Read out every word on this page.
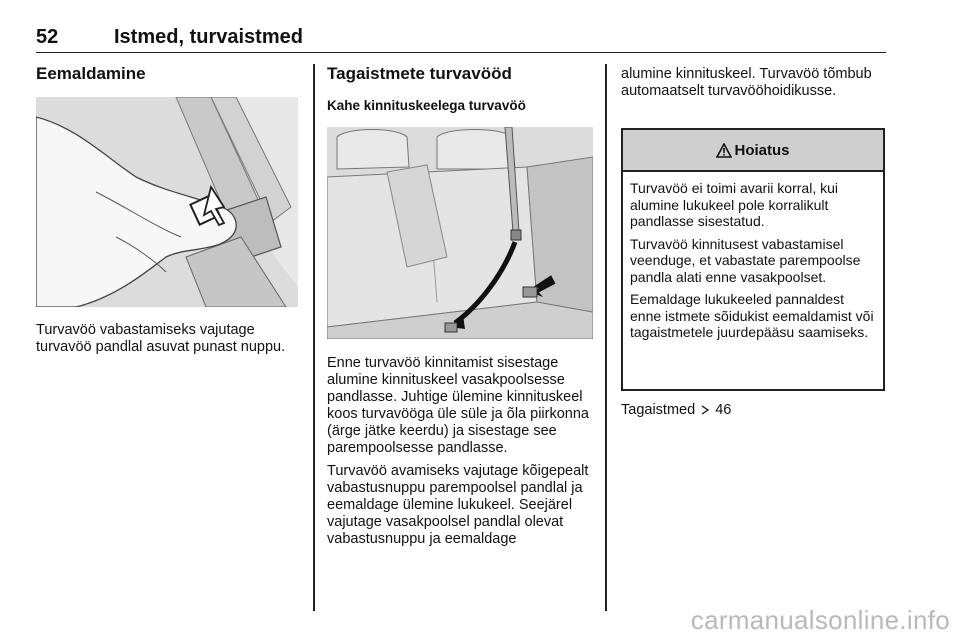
52	Istmed, turvaistmed
Eemaldamine

Turvavöö vabastamiseks vajutage turvavöö pandlal asuvat punast nuppu.

Tagaistmete turvavööd
Kahe kinnituskeelega turvavöö

Enne turvavöö kinnitamist sisestage alumine kinnituskeel vasakpoolsesse pandlasse. Juhtige ülemine kinnituskeel koos turvavööga üle süle ja õla piirkonna (ärge jätke keerdu) ja sisestage see parempoolsesse pandlasse.

Turvavöö avamiseks vajutage kõigepealt vabastusnuppu parempoolsel pandlal ja eemaldage ülemine lukukeel. Seejärel vajutage vasakpoolsel pandlal olevat vabastusnuppu ja eemaldage

alumine kinnituskeel. Turvavöö tõmbub automaatselt turvavööhoidikusse.

Hoiatus

Turvavöö ei toimi avarii korral, kui alumine lukukeel pole korralikult pandlasse sisestatud.

Turvavöö kinnitusest vabastamisel veenduge, et vabastate parempoolse pandla alati enne vasakpoolset.

Eemaldage lukukeeled pannaldest enne istmete sõidukist eemaldamist või tagaistmetele juurdepääsu saamiseks.

Tagaistmed 46

carmanualsonline.info
